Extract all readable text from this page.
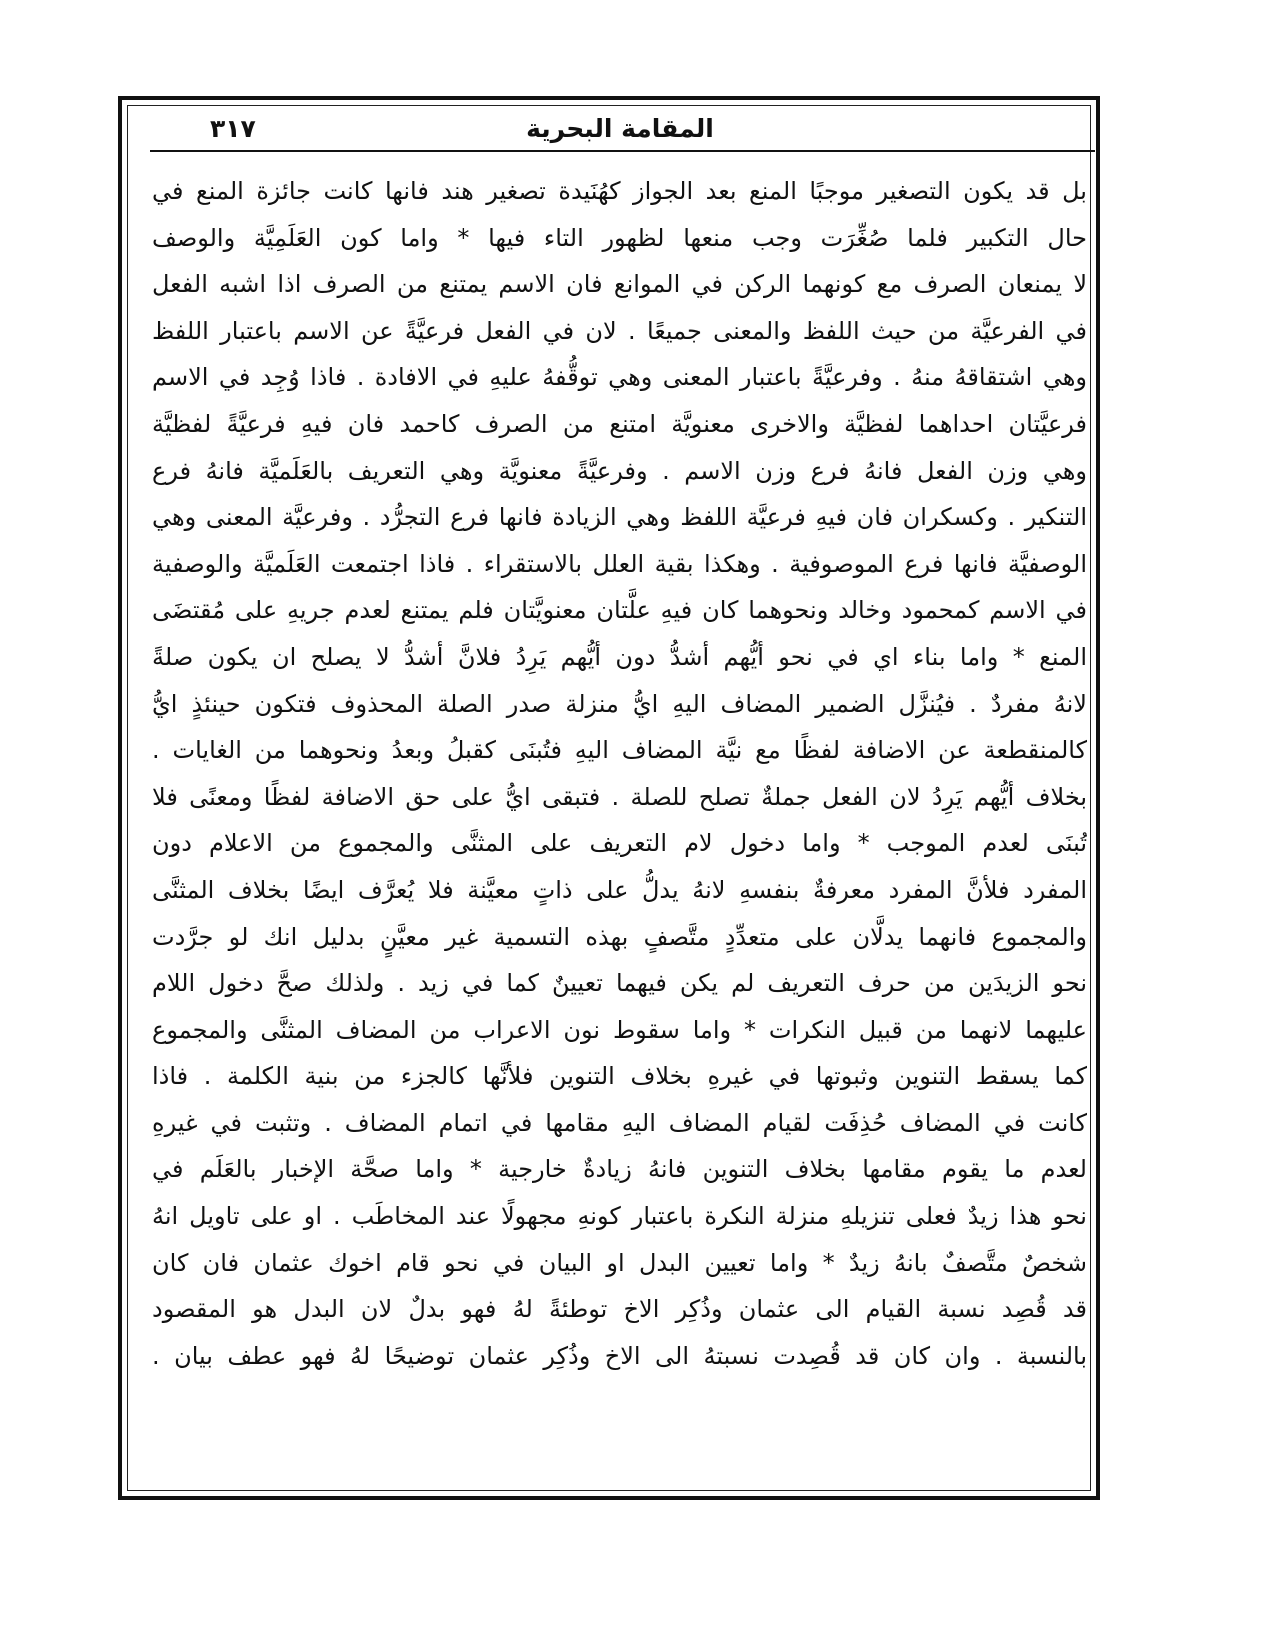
المقامة البحرية
٣١٧
بل قد يكون التصغير موجبًا المنع بعد الجواز كهُنَيدة تصغير هند فانها كانت جائزة المنع في
حال التكبير فلما صُغِّرَت وجب منعها لظهور التاء فيها * واما كون العَلَمِيَّة والوصف
لا يمنعان الصرف مع كونهما الركن في الموانع فان الاسم يمتنع من الصرف اذا اشبه الفعل
في الفرعيَّة من حيث اللفظ والمعنى جميعًا . لان في الفعل فرعيَّةً عن الاسم باعتبار اللفظ
وهي اشتقاقهُ منهُ . وفرعيَّةً باعتبار المعنى وهي توقُّفهُ عليهِ في الافادة . فاذا وُجِد في الاسم
فرعيَّتان احداهما لفظيَّة والاخرى معنويَّة امتنع من الصرف كاحمد فان فيهِ فرعيَّةً لفظيَّة
وهي وزن الفعل فانهُ فرع وزن الاسم . وفرعيَّةً معنويَّة وهي التعريف بالعَلَميَّة فانهُ فرع
التنكير . وكسكران فان فيهِ فرعيَّة اللفظ وهي الزيادة فانها فرع التجرُّد . وفرعيَّة المعنى وهي
الوصفيَّة فانها فرع الموصوفية . وهكذا بقية العلل بالاستقراء . فاذا اجتمعت العَلَميَّة والوصفية
في الاسم كمحمود وخالد ونحوهما كان فيهِ علَّتان معنويَّتان فلم يمتنع لعدم جريهِ على مُقتضَى
المنع * واما بناء اي في نحو أيُّهم أشدُّ دون أيُّهم يَرِدُ فلانَّ أشدُّ لا يصلح ان يكون صلةً
لانهُ مفردٌ . فيُنزَّل الضمير المضاف اليهِ ايُّ منزلة صدر الصلة المحذوف فتكون حينئذٍ ايُّ
كالمنقطعة عن الاضافة لفظًا مع نيَّة المضاف اليهِ فتُبنَى كقبلُ وبعدُ ونحوهما من الغايات .
بخلاف أيُّهم يَرِدُ لان الفعل جملةٌ تصلح للصلة . فتبقى ايُّ على حق الاضافة لفظًا ومعنًى فلا
تُبنَى لعدم الموجب * واما دخول لام التعريف على المثنَّى والمجموع من الاعلام دون
المفرد فلأنَّ المفرد معرفةٌ بنفسهِ لانهُ يدلُّ على ذاتٍ معيَّنة فلا يُعرَّف ايضًا بخلاف المثنَّى
والمجموع فانهما يدلَّان على متعدِّدٍ متَّصفٍ بهذه التسمية غير معيَّنٍ بدليل انك لو جرَّدت
نحو الزيدَين من حرف التعريف لم يكن فيهما تعيينٌ كما في زيد . ولذلك صحَّ دخول اللام
عليهما لانهما من قبيل النكرات * واما سقوط نون الاعراب من المضاف المثنَّى والمجموع
كما يسقط التنوين وثبوتها في غيرهِ بخلاف التنوين فلأنَّها كالجزء من بنية الكلمة . فاذا
كانت في المضاف حُذِفَت لقيام المضاف اليهِ مقامها في اتمام المضاف . وتثبت في غيرهِ
لعدم ما يقوم مقامها بخلاف التنوين فانهُ زيادةٌ خارجية * واما صحَّة الإخبار بالعَلَم في
نحو هذا زيدٌ فعلى تنزيلهِ منزلة النكرة باعتبار كونهِ مجهولًا عند المخاطَب . او على تاويل انهُ
شخصٌ متَّصفٌ بانهُ زيدٌ * واما تعيين البدل او البيان في نحو قام اخوك عثمان فان كان
قد قُصِد نسبة القيام الى عثمان وذُكِر الاخ توطئةً لهُ فهو بدلٌ لان البدل هو المقصود
بالنسبة . وان كان قد قُصِدت نسبتهُ الى الاخ وذُكِر عثمان توضيحًا لهُ فهو عطف بيان .
